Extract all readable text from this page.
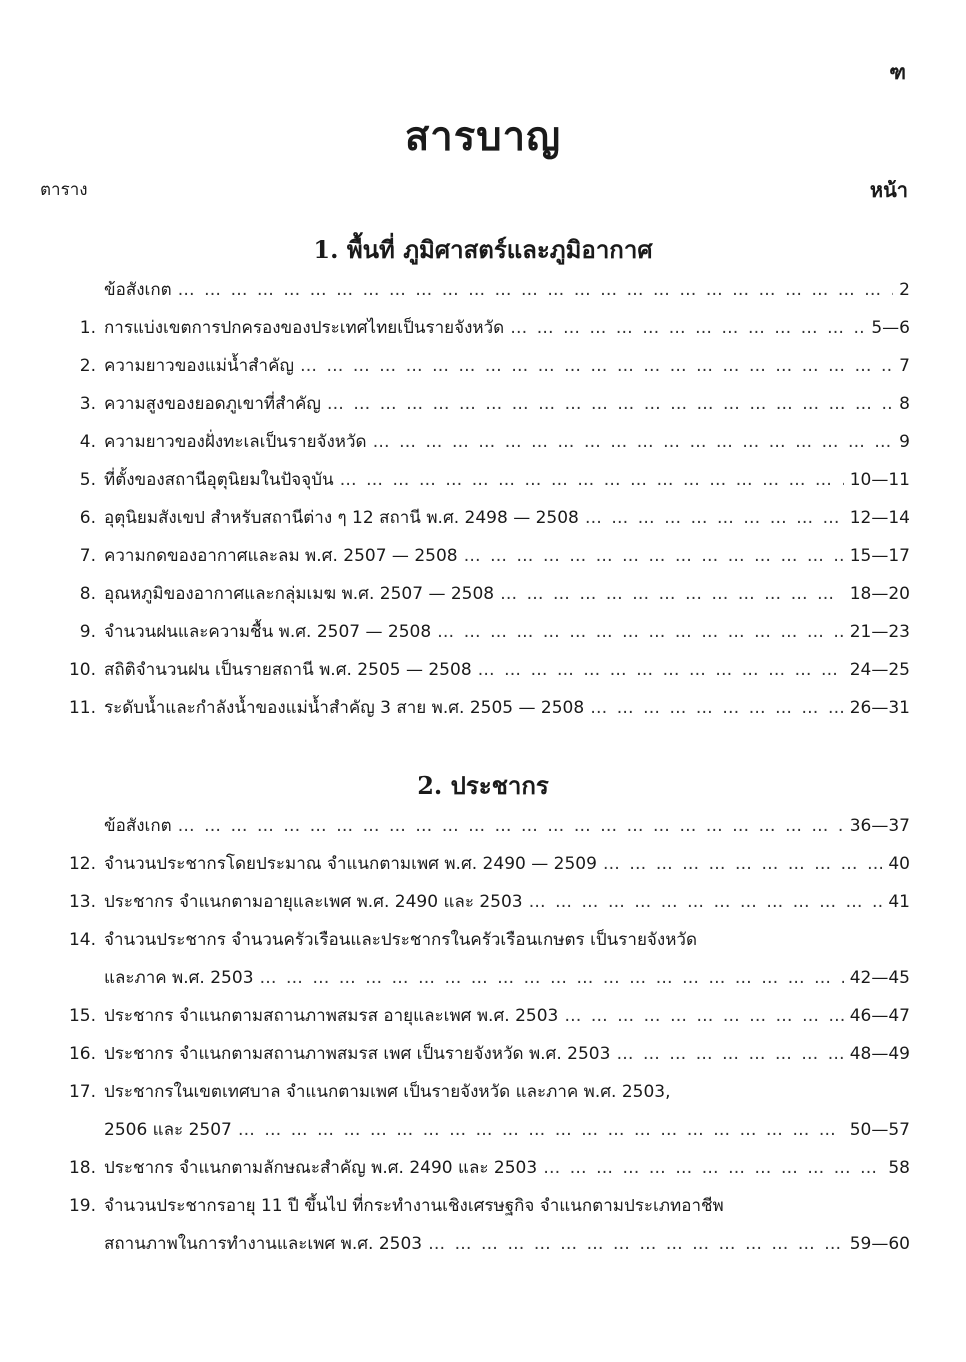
ฑ
สารบาญ
ตาราง	หน้า
1. พื้นที่ ภูมิศาสตร์และภูมิอากาศ
ข้อสังเกต … … … … … … … … … … … … … … … … … … … … … … … … … … … … … … … … … … … … … … … … … … … …	2
1. การแบ่งเขตการปกครองของประเทศไทยเป็นรายจังหวัด … … … … … … … … … … … … … … … … … … … … … … … … … … … … … … … … … … … … … … … … … … … …	5—6
2. ความยาวของแม่น้ำสำคัญ … … … … … … … … … … … … … … … … … … … … … … … … … … … … … … … … … … … … … … … … … … … …	7
3. ความสูงของยอดภูเขาที่สำคัญ … … … … … … … … … … … … … … … … … … … … … … … … … … … … … … … … … … … … … … … … … … … …	8
4. ความยาวของฝั่งทะเลเป็นรายจังหวัด … … … … … … … … … … … … … … … … … … … … … … … … … … … … … … … … … … … … … … … … … … … …	9
5. ที่ตั้งของสถานีอุตุนิยมในปัจจุบัน … … … … … … … … … … … … … … … … … … … … … … … … … … … … … … … … … … … … … … … … … … … …	10—11
6. อุตุนิยมสังเขป สำหรับสถานีต่าง ๆ 12 สถานี พ.ศ. 2498 — 2508 … … … … … … … … … … … … … … … … … … … … … … … … … … … … … … … … … … … … … … … … … … … …	12—14
7. ความกดของอากาศและลม พ.ศ. 2507 — 2508 … … … … … … … … … … … … … … … … … … … … … … … … … … … … … … … … … … … … … … … … … … … …	15—17
8. อุณหภูมิของอากาศและกลุ่มเมฆ พ.ศ. 2507 — 2508 … … … … … … … … … … … … … … … … … … … … … … … … … … … … … … … … … … … … … … … … … … … …	18—20
9. จำนวนฝนและความชื้น พ.ศ. 2507 — 2508 … … … … … … … … … … … … … … … … … … … … … … … … … … … … … … … … … … … … … … … … … … … …	21—23
10. สถิติจำนวนฝน เป็นรายสถานี พ.ศ. 2505 — 2508 … … … … … … … … … … … … … … … … … … … … … … … … … … … … … … … … … … … … … … … … … … … …	24—25
11. ระดับน้ำและกำลังน้ำของแม่น้ำสำคัญ 3 สาย พ.ศ. 2505 — 2508 … … … … … … … … … … … … … … … … … … … … … … … … … … … … … … … … … … … … … … … … … … … …	26—31
2. ประชากร
ข้อสังเกต … … … … … … … … … … … … … … … … … … … … … … … … … … … … … … … … … … … … … … … … … … … …	36—37
12. จำนวนประชากรโดยประมาณ จำแนกตามเพศ พ.ศ. 2490 — 2509 … … … … … … … … … … … … … … … … … … … … … … … … … … … … … … … … … … … … … … … … … … … …	40
13. ประชากร จำแนกตามอายุและเพศ พ.ศ. 2490 และ 2503 … … … … … … … … … … … … … … … … … … … … … … … … … … … … … … … … … … … … … … … … … … … …	41
14. จำนวนประชากร จำนวนครัวเรือนและประชากรในครัวเรือนเกษตร เป็นรายจังหวัด
และภาค พ.ศ. 2503 … … … … … … … … … … … … … … … … … … … … … … … … … … … … … … … … … … … … … … … … … … … …	42—45
15. ประชากร จำแนกตามสถานภาพสมรส อายุและเพศ พ.ศ. 2503 … … … … … … … … … … … … … … … … … … … … … … … … … … … … … … … … … … … … … … … … … … … …	46—47
16. ประชากร จำแนกตามสถานภาพสมรส เพศ เป็นรายจังหวัด พ.ศ. 2503 … … … … … … … … … … … … … … … … … … … … … … … … … … … … … … … … … … … … … … … … … … … …	48—49
17. ประชากรในเขตเทศบาล จำแนกตามเพศ เป็นรายจังหวัด และภาค พ.ศ. 2503,
2506 และ 2507 … … … … … … … … … … … … … … … … … … … … … … … … … … … … … … … … … … … … … … … … … … … …	50—57
18. ประชากร จำแนกตามลักษณะสำคัญ พ.ศ. 2490 และ 2503 … … … … … … … … … … … … … … … … … … … … … … … … … … … … … … … … … … … … … … … … … … … …	58
19. จำนวนประชากรอายุ 11 ปี ขึ้นไป ที่กระทำงานเชิงเศรษฐกิจ จำแนกตามประเภทอาชีพ
สถานภาพในการทำงานและเพศ พ.ศ. 2503 … … … … … … … … … … … … … … … … … … … … … … … … … … … … … … … … … … … … … … … … … … … …	59—60
